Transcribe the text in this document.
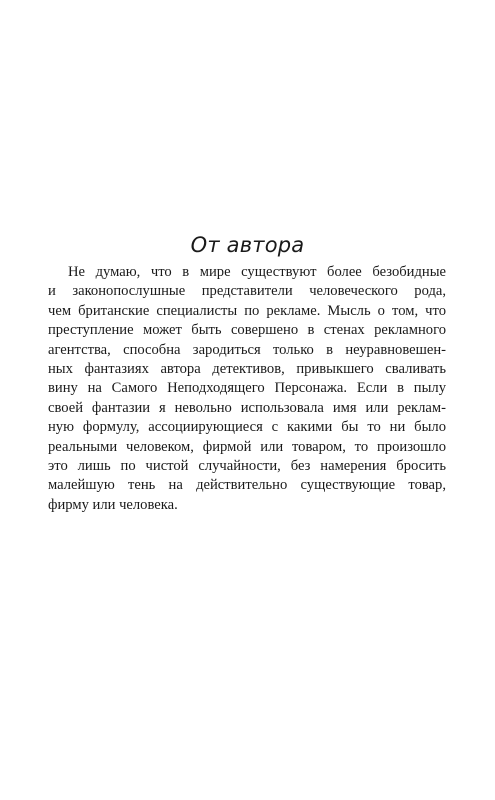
От автора
Не думаю, что в мире существуют более безобидные
и законопослушные представители человеческого рода,
чем британские специалисты по рекламе. Мысль о том, что
преступление может быть совершено в стенах рекламного
агентства, способна зародиться только в неуравновешен-
ных фантазиях автора детективов, привыкшего сваливать
вину на Самого Неподходящего Персонажа. Если в пылу
своей фантазии я невольно использовала имя или реклам-
ную формулу, ассоциирующиеся с какими бы то ни было
реальными человеком, фирмой или товаром, то произошло
это лишь по чистой случайности, без намерения бросить
малейшую тень на действительно существующие товар,
фирму или человека.
